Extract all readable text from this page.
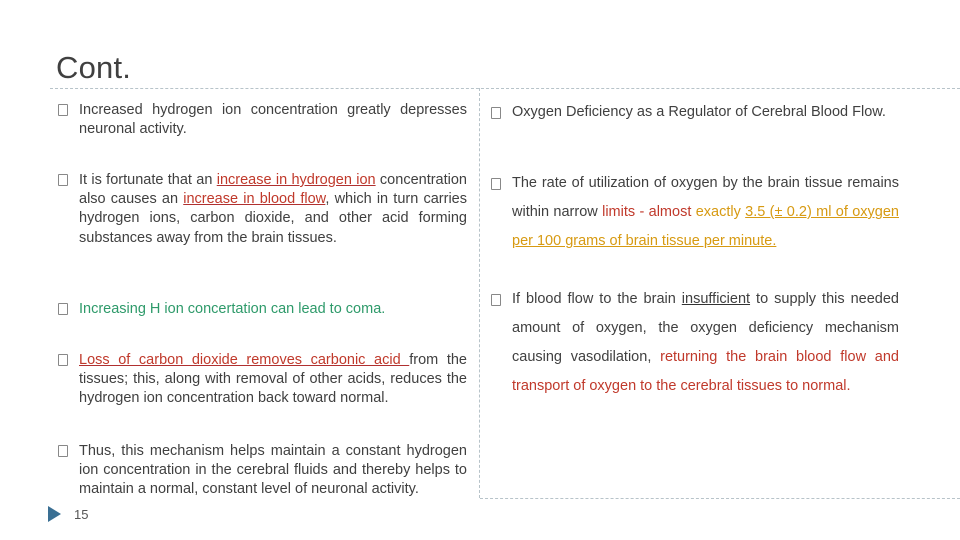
Cont.
Increased hydrogen ion concentration greatly depresses neuronal activity.
It is fortunate that an increase in hydrogen ion concentration also causes an increase in blood flow, which in turn carries hydrogen ions, carbon dioxide, and other acid forming substances away from the brain tissues.
Increasing H ion concertation can lead to coma.
Loss of carbon dioxide removes carbonic acid from the tissues; this, along with removal of other acids, reduces the hydrogen ion concentration back toward normal.
Thus, this mechanism helps maintain a constant hydrogen ion concentration in the cerebral fluids and thereby helps to maintain a normal, constant level of neuronal activity.
Oxygen Deficiency as a Regulator of Cerebral Blood Flow.
The rate of utilization of oxygen by the brain tissue remains within narrow limits - almost exactly 3.5 (± 0.2) ml of oxygen per 100 grams of brain tissue per minute.
If blood flow to the brain insufficient to supply this needed amount of oxygen, the oxygen deficiency mechanism causing vasodilation, returning the brain blood flow and transport of oxygen to the cerebral tissues to normal.
15
